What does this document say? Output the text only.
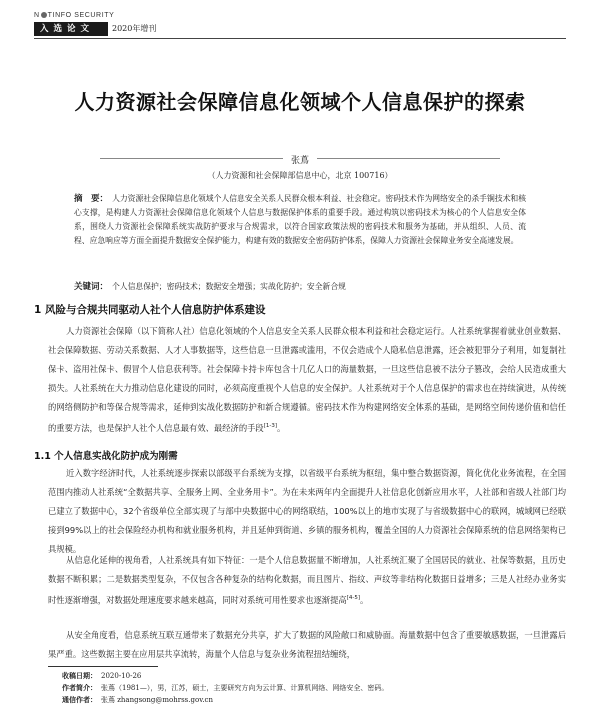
N TINFO SECURITY
入选论文	2020年增刊
人力资源社会保障信息化领域个人信息保护的探索
张蔦
（人力资源和社会保障部信息中心，北京 100716）
摘　要： 人力资源社会保障信息化领域个人信息安全关系人民群众根本利益、社会稳定。密码技术作为网络安全的杀手锏技术和核心支撑，是构建人力资源社会保障信息化领域个人信息与数据保护体系的重要手段。通过构筑以密码技术为核心的个人信息安全体系，围绕人力资源社会保障系统实战防护要求与合规需求，以符合国家政策法规的密码技术和服务为基础，并从组织、人员、流程、应急响应等方面全面提升数据安全保护能力，构建有效的数据安全密码防护体系，保障人力资源社会保障业务安全高速发展。
关键词： 个人信息保护；密码技术；数据安全增强；实战化防护；安全新合规
1 风险与合规共同驱动人社个人信息防护体系建设

人力资源社会保障（以下简称人社）信息化领域的个人信息安全关系人民群众根本利益和社会稳定运行。人社系统掌握着就业创业数据、社会保障数据、劳动关系数据、人才人事数据等，这些信息一旦泄露或滥用，不仅会造成个人隐私信息泄露，还会被犯罪分子利用，如复制社保卡、盗用社保卡、假冒个人信息获利等。社会保障卡持卡库包含十几亿人口的海量数据，一旦这些信息被不法分子篡改，会给人民造成重大损失。人社系统在大力推动信息化建设的同时，必须高度重视个人信息的安全保护。人社系统对于个人信息保护的需求也在持续演进，从传统的网络侧防护和等保合规等需求，延伸到实战化数据防护和新合规遵循。密码技术作为构建网络安全体系的基础，是网络空间传递价值和信任的重要方法，也是保护人社个人信息最有效、最经济的手段[1-3]。

1.1 个人信息实战化防护成为刚需

近入数字经济时代，人社系统逐步探索以部级平台系统为支撑，以省级平台系统为枢纽，集中整合数据资源，简化优化业务流程，在全国范围内推动人社系统“全数据共享、全服务上网、全业务用卡”。为在未来两年内全面提升人社信息化创新应用水平，人社部和省级人社部门均已建立了数据中心，32个省级单位全部实现了与部中央数据中心的网络联结，100%以上的地市实现了与省级数据中心的联网，城域网已经联接到99%以上的社会保险经办机构和就业服务机构，并且延伸到街道、乡镇的服务机构，覆盖全国的人力资源社会保障系统的信息网络架构已具规模。

从信息化延伸的视角看，人社系统具有如下特征：一是个人信息数据量不断增加，人社系统汇聚了全国居民的就业、社保等数据，且历史数据不断积累；二是数据类型复杂，不仅包含各种复杂的结构化数据，而且图片、指纹、声纹等非结构化数据日益增多；三是人社经办业务实时性逐渐增强，对数据处理速度要求越来越高，同时对系统可用性要求也逐渐提高[4-5]。

从安全角度看，信息系统互联互通带来了数据充分共享，扩大了数据的风险敞口和威胁面。海量数据中包含了重要敏感数据，一旦泄露后果严重。这些数据主要在应用层共享流转，海量个人信息与复杂业务流程扭结缠绕，

收稿日期： 2020-10-26
作者简介： 张蔦（1981—），男，江苏，硕士，主要研究方向为云计算、计算机网络、网络安全、密码。
通信作者： 张蔦 zhangsong@mohrss.gov.cn
